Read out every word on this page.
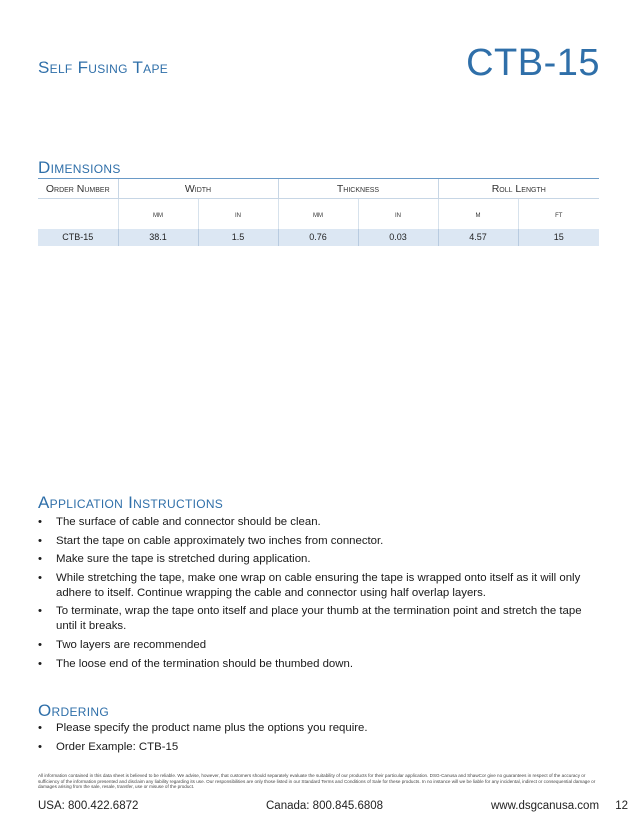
Self Fusing Tape	CTB-15
Dimensions
Order Number	Width		Thickness		Roll Length	
	mm	in	mm	in	m	ft
CTB-15	38.1	1.5	0.76	0.03	4.57	15
Application Instructions
• The surface of cable and connector should be clean.
• Start the tape on cable approximately two inches from connector.
• Make sure the tape is stretched during application.
• While stretching the tape, make one wrap on cable ensuring the tape is wrapped onto itself as it will only adhere to itself. Continue wrapping the cable and connector using half overlap layers.
• To terminate, wrap the tape onto itself and place your thumb at the termination point and stretch the tape until it breaks.
• Two layers are recommended
• The loose end of the termination should be thumbed down.
Ordering
• Please specify the product name plus the options you require.
• Order Example: CTB-15
All information contained in this data sheet is believed to be reliable. We advise, however, that customers should separately evaluate the suitability of our products for their particular application. DSG-Canusa and ShawCor give no guarantees in respect of the accuracy or sufficiency of the information presented and disclaim any liability regarding its use. Our responsibilities are only those listed in our Standard Terms and Conditions of Sale for these products. In no instance will we be liable for any incidental, indirect or consequential damage or damages arising from the sale, resale, transfer, use or misuse of the product.
USA: 800.422.6872	Canada: 800.845.6808	www.dsgcanusa.com 12
